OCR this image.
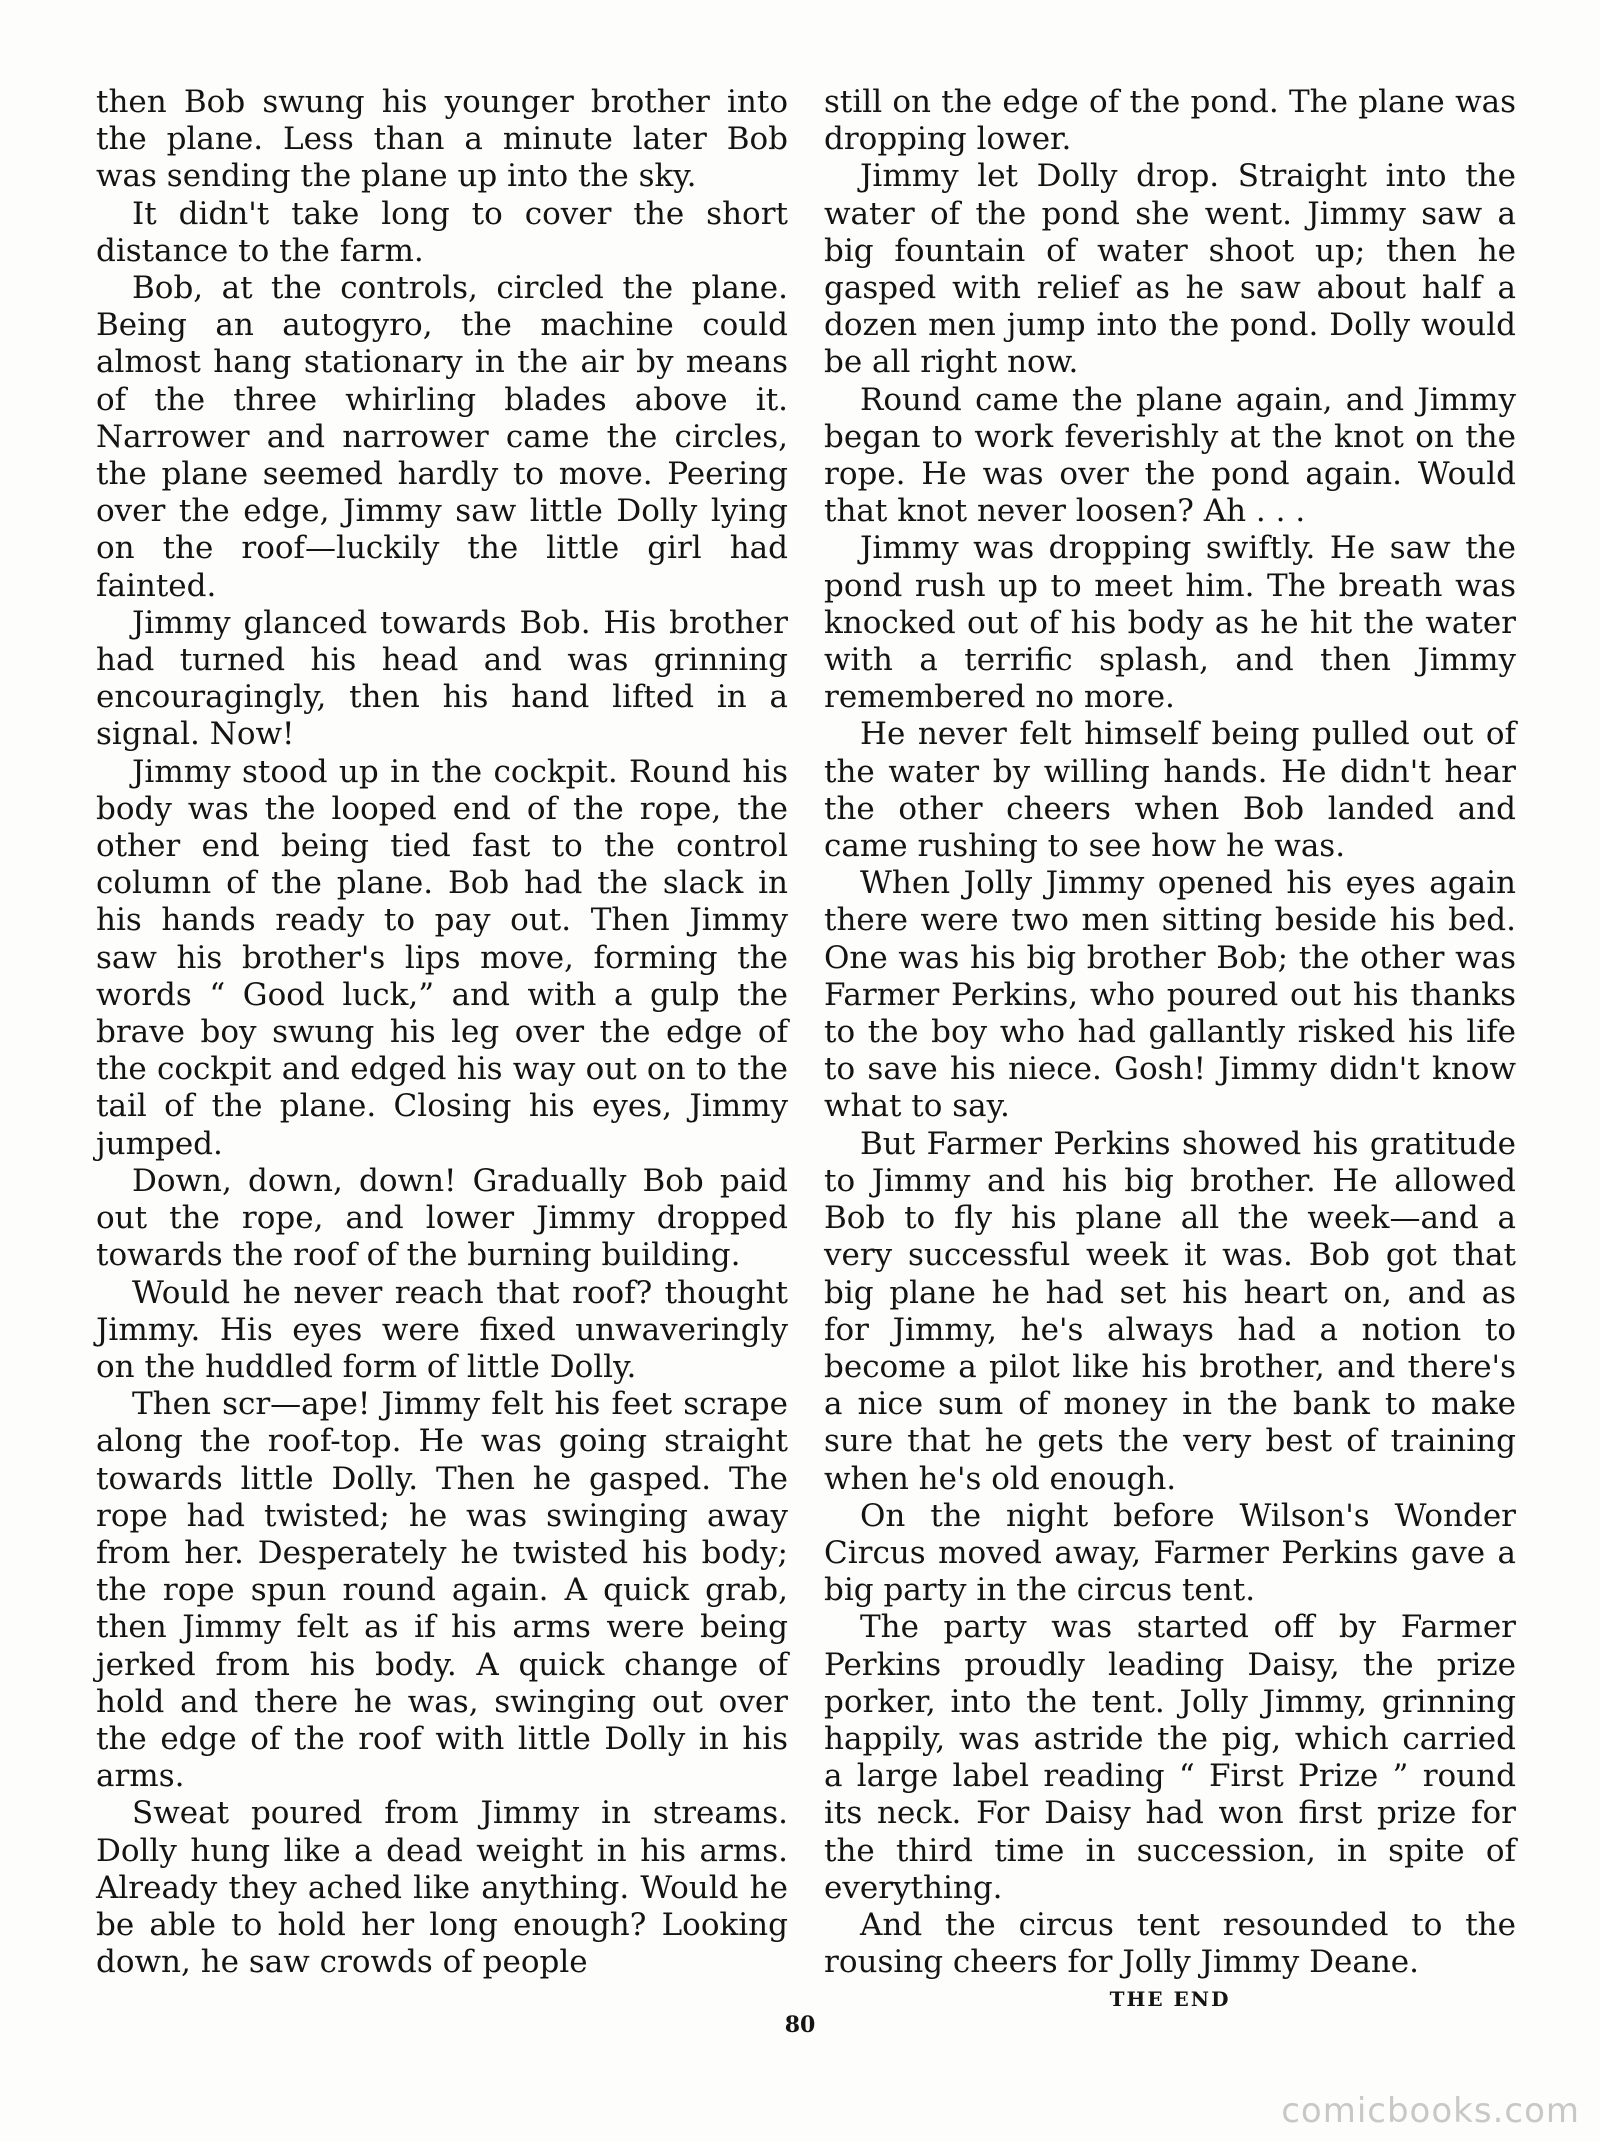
then Bob swung his younger brother into the plane. Less than a minute later Bob was sending the plane up into the sky.

It didn't take long to cover the short distance to the farm.

Bob, at the controls, circled the plane. Being an autogyro, the machine could almost hang stationary in the air by means of the three whirling blades above it. Narrower and narrower came the circles, the plane seemed hardly to move. Peering over the edge, Jimmy saw little Dolly lying on the roof—luckily the little girl had fainted.

Jimmy glanced towards Bob. His brother had turned his head and was grinning encouragingly, then his hand lifted in a signal. Now!

Jimmy stood up in the cockpit. Round his body was the looped end of the rope, the other end being tied fast to the control column of the plane. Bob had the slack in his hands ready to pay out. Then Jimmy saw his brother's lips move, forming the words “ Good luck,” and with a gulp the brave boy swung his leg over the edge of the cockpit and edged his way out on to the tail of the plane. Closing his eyes, Jimmy jumped.

Down, down, down! Gradually Bob paid out the rope, and lower Jimmy dropped towards the roof of the burning building.

Would he never reach that roof? thought Jimmy. His eyes were fixed unwaveringly on the huddled form of little Dolly.

Then scr—ape! Jimmy felt his feet scrape along the roof-top. He was going straight towards little Dolly. Then he gasped. The rope had twisted; he was swinging away from her. Desperately he twisted his body; the rope spun round again. A quick grab, then Jimmy felt as if his arms were being jerked from his body. A quick change of hold and there he was, swinging out over the edge of the roof with little Dolly in his arms.

Sweat poured from Jimmy in streams. Dolly hung like a dead weight in his arms. Already they ached like anything. Would he be able to hold her long enough? Looking down, he saw crowds of people

still on the edge of the pond. The plane was dropping lower.

Jimmy let Dolly drop. Straight into the water of the pond she went. Jimmy saw a big fountain of water shoot up; then he gasped with relief as he saw about half a dozen men jump into the pond. Dolly would be all right now.

Round came the plane again, and Jimmy began to work feverishly at the knot on the rope. He was over the pond again. Would that knot never loosen? Ah . . .

Jimmy was dropping swiftly. He saw the pond rush up to meet him. The breath was knocked out of his body as he hit the water with a terrific splash, and then Jimmy remembered no more.

He never felt himself being pulled out of the water by willing hands. He didn't hear the other cheers when Bob landed and came rushing to see how he was.

When Jolly Jimmy opened his eyes again there were two men sitting beside his bed. One was his big brother Bob; the other was Farmer Perkins, who poured out his thanks to the boy who had gallantly risked his life to save his niece. Gosh! Jimmy didn't know what to say.

But Farmer Perkins showed his gratitude to Jimmy and his big brother. He allowed Bob to fly his plane all the week—and a very successful week it was. Bob got that big plane he had set his heart on, and as for Jimmy, he's always had a notion to become a pilot like his brother, and there's a nice sum of money in the bank to make sure that he gets the very best of training when he's old enough.

On the night before Wilson's Wonder Circus moved away, Farmer Perkins gave a big party in the circus tent.

The party was started off by Farmer Perkins proudly leading Daisy, the prize porker, into the tent. Jolly Jimmy, grinning happily, was astride the pig, which carried a large label reading “ First Prize ” round its neck. For Daisy had won first prize for the third time in succession, in spite of everything.

And the circus tent resounded to the rousing cheers for Jolly Jimmy Deane.

THE END
80
comicbooks.com
